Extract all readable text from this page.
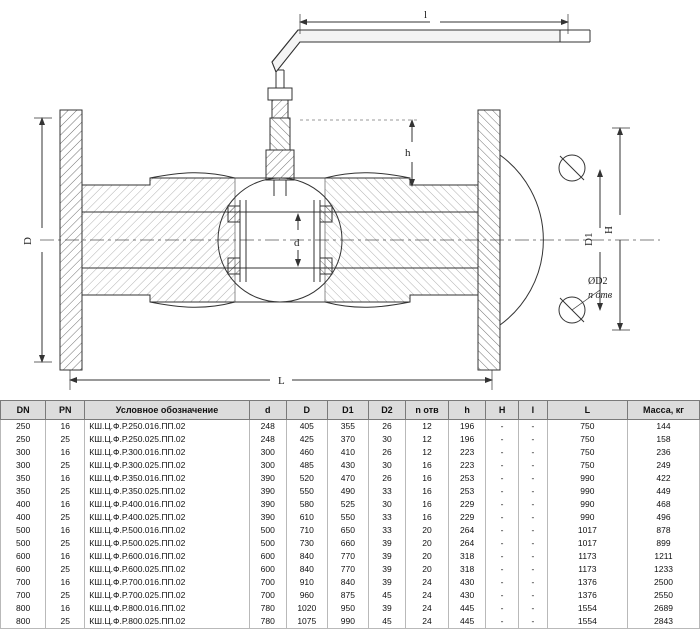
l
L
D	d
h
H
D1
ØD2
n отв
DN	PN	Условное обозначение	d	D	D1	D2	n отв	h	H	l	L	Масса, кг
250	16	КШ.Ц.Ф.Р.250.016.ПП.02	248	405	355	26	12	196	-	-	750	144
250	25	КШ.Ц.Ф.Р.250.025.ПП.02	248	425	370	30	12	196	-	-	750	158
300	16	КШ.Ц.Ф.Р.300.016.ПП.02	300	460	410	26	12	223	-	-	750	236
300	25	КШ.Ц.Ф.Р.300.025.ПП.02	300	485	430	30	16	223	-	-	750	249
350	16	КШ.Ц.Ф.Р.350.016.ПП.02	390	520	470	26	16	253	-	-	990	422
350	25	КШ.Ц.Ф.Р.350.025.ПП.02	390	550	490	33	16	253	-	-	990	449
400	16	КШ.Ц.Ф.Р.400.016.ПП.02	390	580	525	30	16	229	-	-	990	468
400	25	КШ.Ц.Ф.Р.400.025.ПП.02	390	610	550	33	16	229	-	-	990	496
500	16	КШ.Ц.Ф.Р.500.016.ПП.02	500	710	650	33	20	264	-	-	1017	878
500	25	КШ.Ц.Ф.Р.500.025.ПП.02	500	730	660	39	20	264	-	-	1017	899
600	16	КШ.Ц.Ф.Р.600.016.ПП.02	600	840	770	39	20	318	-	-	1173	1211
600	25	КШ.Ц.Ф.Р.600.025.ПП.02	600	840	770	39	20	318	-	-	1173	1233
700	16	КШ.Ц.Ф.Р.700.016.ПП.02	700	910	840	39	24	430	-	-	1376	2500
700	25	КШ.Ц.Ф.Р.700.025.ПП.02	700	960	875	45	24	430	-	-	1376	2550
800	16	КШ.Ц.Ф.Р.800.016.ПП.02	780	1020	950	39	24	445	-	-	1554	2689
800	25	КШ.Ц.Ф.Р.800.025.ПП.02	780	1075	990	45	24	445	-	-	1554	2843
